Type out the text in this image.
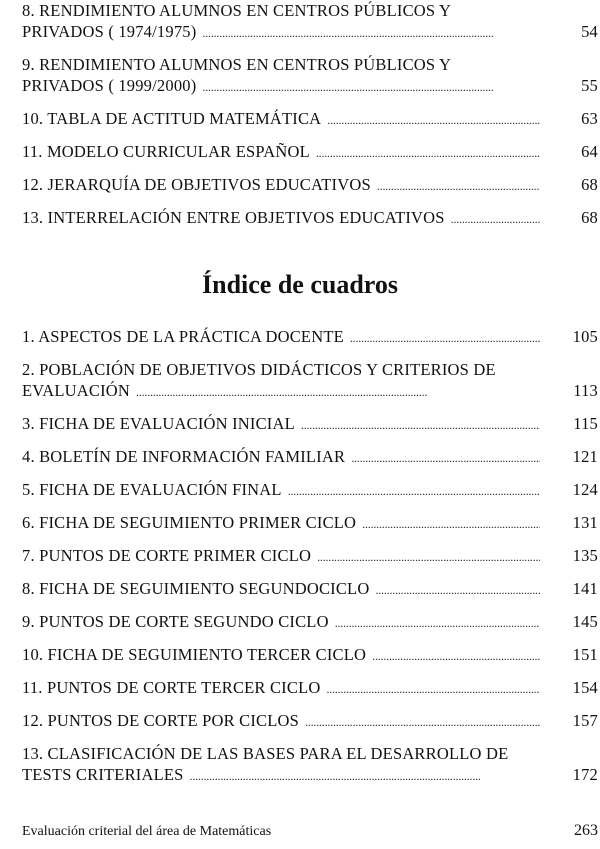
8. RENDIMIENTO ALUMNOS EN CENTROS PÚBLICOS Y
PRIVADOS ( 1974/1975) . . .	54
9. RENDIMIENTO ALUMNOS EN CENTROS PÚBLICOS Y
PRIVADOS ( 1999/2000) . . .	55
10. TABLA DE ACTITUD MATEMÁTICA . . .	63
11. MODELO CURRICULAR ESPAÑOL . . .	64
12. JERARQUÍA DE OBJETIVOS EDUCATIVOS . . .	68
13. INTERRELACIÓN ENTRE OBJETIVOS EDUCATIVOS . . .	68
Índice de cuadros
1. ASPECTOS DE LA PRÁCTICA DOCENTE . . .	105
2. POBLACIÓN DE OBJETIVOS DIDÁCTICOS Y CRITERIOS DE
EVALUACIÓN . . .	113
3. FICHA DE EVALUACIÓN INICIAL . . .	115
4. BOLETÍN DE INFORMACIÓN FAMILIAR . . .	121
5. FICHA DE EVALUACIÓN FINAL . . .	124
6. FICHA DE SEGUIMIENTO PRIMER CICLO . . .	131
7. PUNTOS DE CORTE PRIMER CICLO . . .	135
8. FICHA DE SEGUIMIENTO SEGUNDOCICLO . . .	141
9. PUNTOS DE CORTE SEGUNDO CICLO . . .	145
10. FICHA DE SEGUIMIENTO TERCER CICLO . . .	151
11. PUNTOS DE CORTE TERCER CICLO . . .	154
12. PUNTOS DE CORTE POR CICLOS . . .	157
13. CLASIFICACIÓN DE LAS BASES PARA EL DESARROLLO DE
TESTS CRITERIALES . . .	172
Evaluación criterial del área de Matemáticas	263
